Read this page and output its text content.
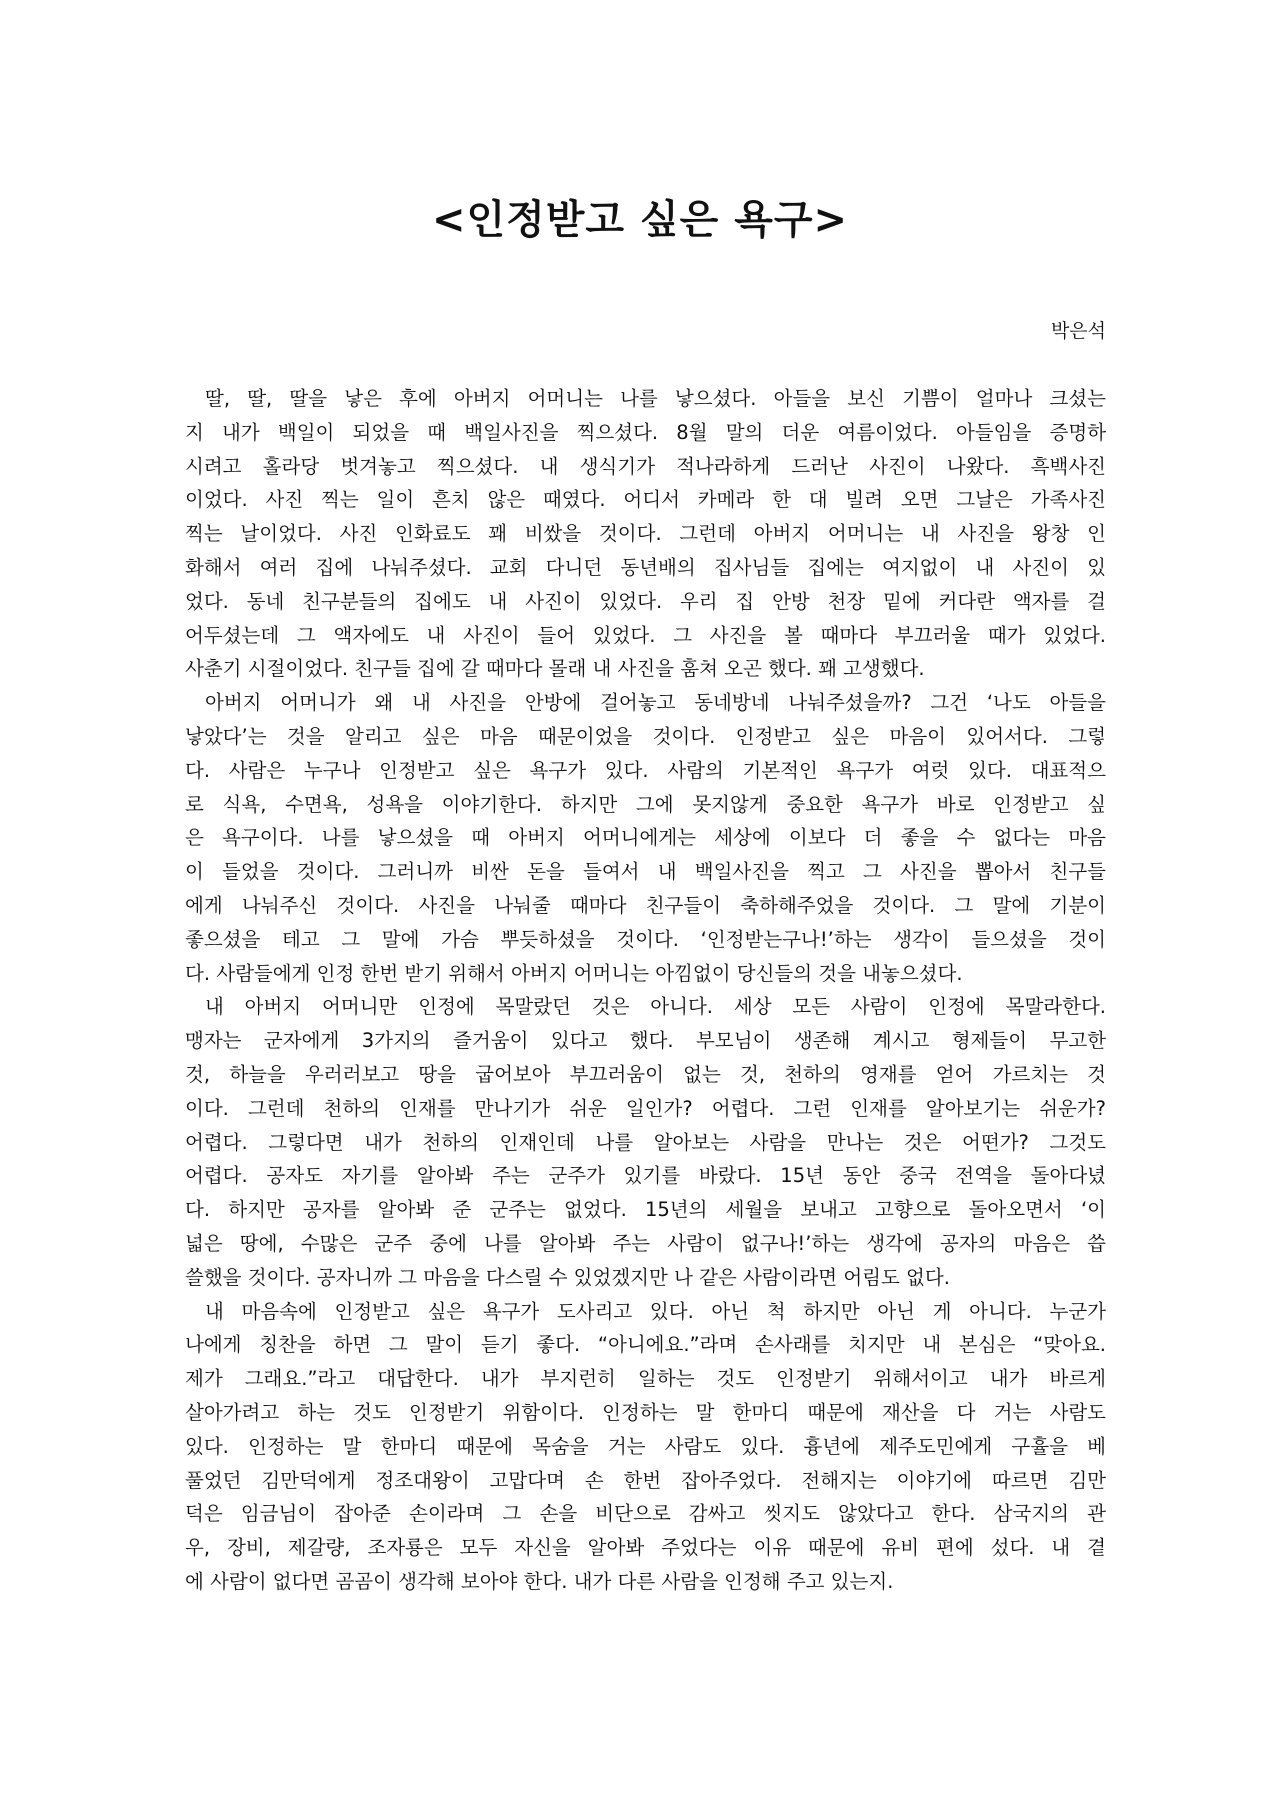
<인정받고 싶은 욕구>
박은석
딸, 딸, 딸을 낳은 후에 아버지 어머니는 나를 낳으셨다. 아들을 보신 기쁨이 얼마나 크셨는
지 내가 백일이 되었을 때 백일사진을 찍으셨다. 8월 말의 더운 여름이었다. 아들임을 증명하
시려고 홀라당 벗겨놓고 찍으셨다. 내 생식기가 적나라하게 드러난 사진이 나왔다. 흑백사진
이었다. 사진 찍는 일이 흔치 않은 때였다. 어디서 카메라 한 대 빌려 오면 그날은 가족사진
찍는 날이었다. 사진 인화료도 꽤 비쌌을 것이다. 그런데 아버지 어머니는 내 사진을 왕창 인
화해서 여러 집에 나눠주셨다. 교회 다니던 동년배의 집사님들 집에는 여지없이 내 사진이 있
었다. 동네 친구분들의 집에도 내 사진이 있었다. 우리 집 안방 천장 밑에 커다란 액자를 걸
어두셨는데 그 액자에도 내 사진이 들어 있었다. 그 사진을 볼 때마다 부끄러울 때가 있었다.
사춘기 시절이었다. 친구들 집에 갈 때마다 몰래 내 사진을 훔쳐 오곤 했다. 꽤 고생했다.
아버지 어머니가 왜 내 사진을 안방에 걸어놓고 동네방네 나눠주셨을까? 그건 ‘나도 아들을
낳았다’는 것을 알리고 싶은 마음 때문이었을 것이다. 인정받고 싶은 마음이 있어서다. 그렇
다. 사람은 누구나 인정받고 싶은 욕구가 있다. 사람의 기본적인 욕구가 여럿 있다. 대표적으
로 식욕, 수면욕, 성욕을 이야기한다. 하지만 그에 못지않게 중요한 욕구가 바로 인정받고 싶
은 욕구이다. 나를 낳으셨을 때 아버지 어머니에게는 세상에 이보다 더 좋을 수 없다는 마음
이 들었을 것이다. 그러니까 비싼 돈을 들여서 내 백일사진을 찍고 그 사진을 뽑아서 친구들
에게 나눠주신 것이다. 사진을 나눠줄 때마다 친구들이 축하해주었을 것이다. 그 말에 기분이
좋으셨을 테고 그 말에 가슴 뿌듯하셨을 것이다. ‘인정받는구나!’하는 생각이 들으셨을 것이
다. 사람들에게 인정 한번 받기 위해서 아버지 어머니는 아낌없이 당신들의 것을 내놓으셨다.
내 아버지 어머니만 인정에 목말랐던 것은 아니다. 세상 모든 사람이 인정에 목말라한다.
맹자는 군자에게 3가지의 즐거움이 있다고 했다. 부모님이 생존해 계시고 형제들이 무고한
것, 하늘을 우러러보고 땅을 굽어보아 부끄러움이 없는 것, 천하의 영재를 얻어 가르치는 것
이다. 그런데 천하의 인재를 만나기가 쉬운 일인가? 어렵다. 그런 인재를 알아보기는 쉬운가?
어렵다. 그렇다면 내가 천하의 인재인데 나를 알아보는 사람을 만나는 것은 어떤가? 그것도
어렵다. 공자도 자기를 알아봐 주는 군주가 있기를 바랐다. 15년 동안 중국 전역을 돌아다녔
다. 하지만 공자를 알아봐 준 군주는 없었다. 15년의 세월을 보내고 고향으로 돌아오면서 ‘이
넓은 땅에, 수많은 군주 중에 나를 알아봐 주는 사람이 없구나!’하는 생각에 공자의 마음은 씁
쓸했을 것이다. 공자니까 그 마음을 다스릴 수 있었겠지만 나 같은 사람이라면 어림도 없다.
내 마음속에 인정받고 싶은 욕구가 도사리고 있다. 아닌 척 하지만 아닌 게 아니다. 누군가
나에게 칭찬을 하면 그 말이 듣기 좋다. “아니에요.”라며 손사래를 치지만 내 본심은 “맞아요.
제가 그래요.”라고 대답한다. 내가 부지런히 일하는 것도 인정받기 위해서이고 내가 바르게
살아가려고 하는 것도 인정받기 위함이다. 인정하는 말 한마디 때문에 재산을 다 거는 사람도
있다. 인정하는 말 한마디 때문에 목숨을 거는 사람도 있다. 흉년에 제주도민에게 구휼을 베
풀었던 김만덕에게 정조대왕이 고맙다며 손 한번 잡아주었다. 전해지는 이야기에 따르면 김만
덕은 임금님이 잡아준 손이라며 그 손을 비단으로 감싸고 씻지도 않았다고 한다. 삼국지의 관
우, 장비, 제갈량, 조자룡은 모두 자신을 알아봐 주었다는 이유 때문에 유비 편에 섰다. 내 곁
에 사람이 없다면 곰곰이 생각해 보아야 한다. 내가 다른 사람을 인정해 주고 있는지.
